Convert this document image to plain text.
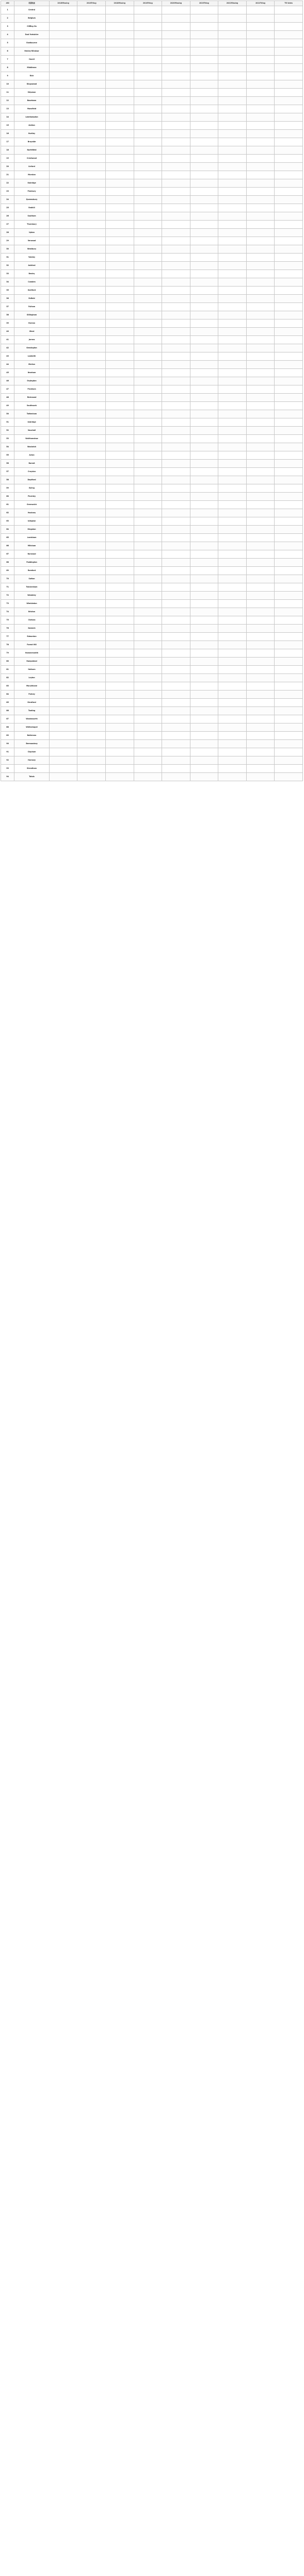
#ID	英國地區	2016Missing	2016Trilog	2018Missing	2018Trilog	2020Missing	2020Trilog	2022Missing	2022Trilog	TR Votes
1	Central									
2	Belgium									
3	Cliffing Ho									
4	East Yorkshire									
5	Eastbourne									
6	Henley-Windsor									
7	Horell									
8	Middlesex									
9	Rich									
10	Kingswood									
11	Shipman									
12	Basetown									
13	Mansfield									
14	Lakehampton									
15	Ashton									
16	Hartley									
17	Brayside									
18	Northfield									
19	Crestwood									
20	Linford									
21	Marston									
22	Oakridge									
23	Pembury									
24	Queensbury									
25	Redhill									
26	Southam									
27	Thornbury									
28	Upton									
29	Verwood									
30	Westbury									
31	Yateley									
32	Ashford									
33	Bexley									
34	Camden									
35	Dartford									
36	Enfield									
37	Fulham									
38	Gillingham									
39	Harrow									
40	Ilford									
41	Jarrow									
42	Kensington									
43	Lambeth									
44	Merton									
45	Newham									
46	Orpington									
47	Peckham									
48	Richmond									
49	Southwark									
50	Tottenham									
51	Uxbridge									
52	Vauxhall									
53	Walthamstow									
54	Woolwich									
55	Acton									
56	Barnet									
57	Croydon									
58	Deptford									
59	Ealing									
60	Finchley									
61	Greenwich									
62	Hackney									
63	Islington									
64	Kingston									
65	Lewisham									
66	Mitcham									
67	Norwood									
68	Paddington									
69	Romford									
70	Sutton									
71	Twickenham									
72	Wembley									
73	Wimbledon									
74	Brixton									
75	Chelsea									
76	Dulwich									
77	Edmonton									
78	Forest Hill									
79	Hammersmith									
80	Hampstead									
81	Holborn									
82	Leyton									
83	Marylebone									
84	Putney									
85	Stratford									
86	Tooting									
87	Wandsworth									
88	Whitechapel									
89	Battersea									
90	Bermondsey									
91	Clapham									
92	Hornsey									
93	Streatham									
94	Totals									
